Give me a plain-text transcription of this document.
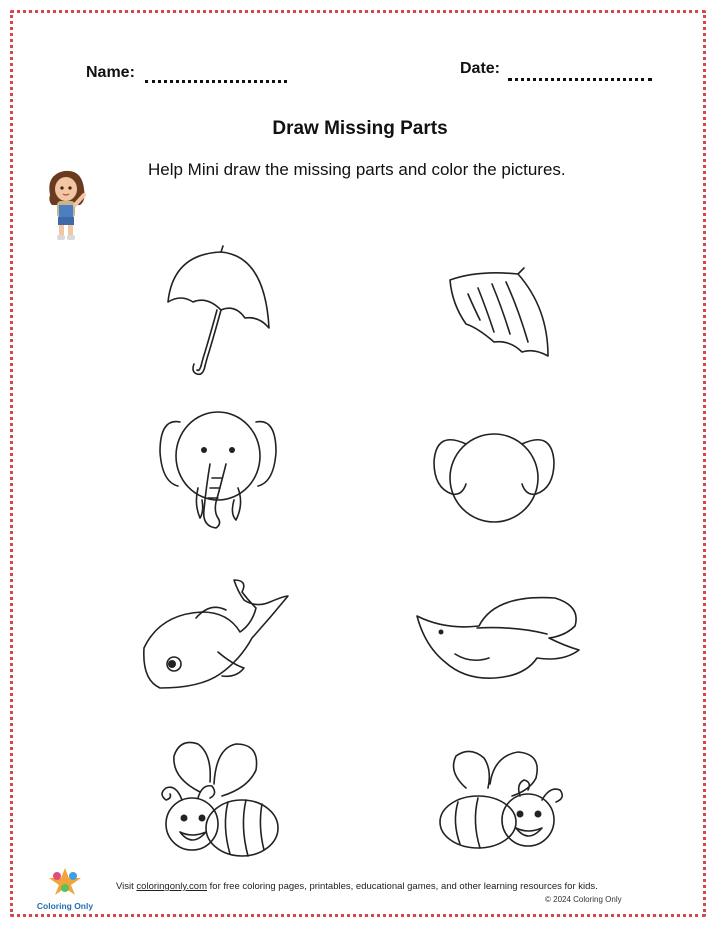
Name:	Date:
Draw Missing Parts
Help Mini draw the missing parts and color the pictures.
Coloring Only
Visit coloringonly.com for free coloring pages, printables, educational games, and other learning resources for kids.
© 2024 Coloring Only
